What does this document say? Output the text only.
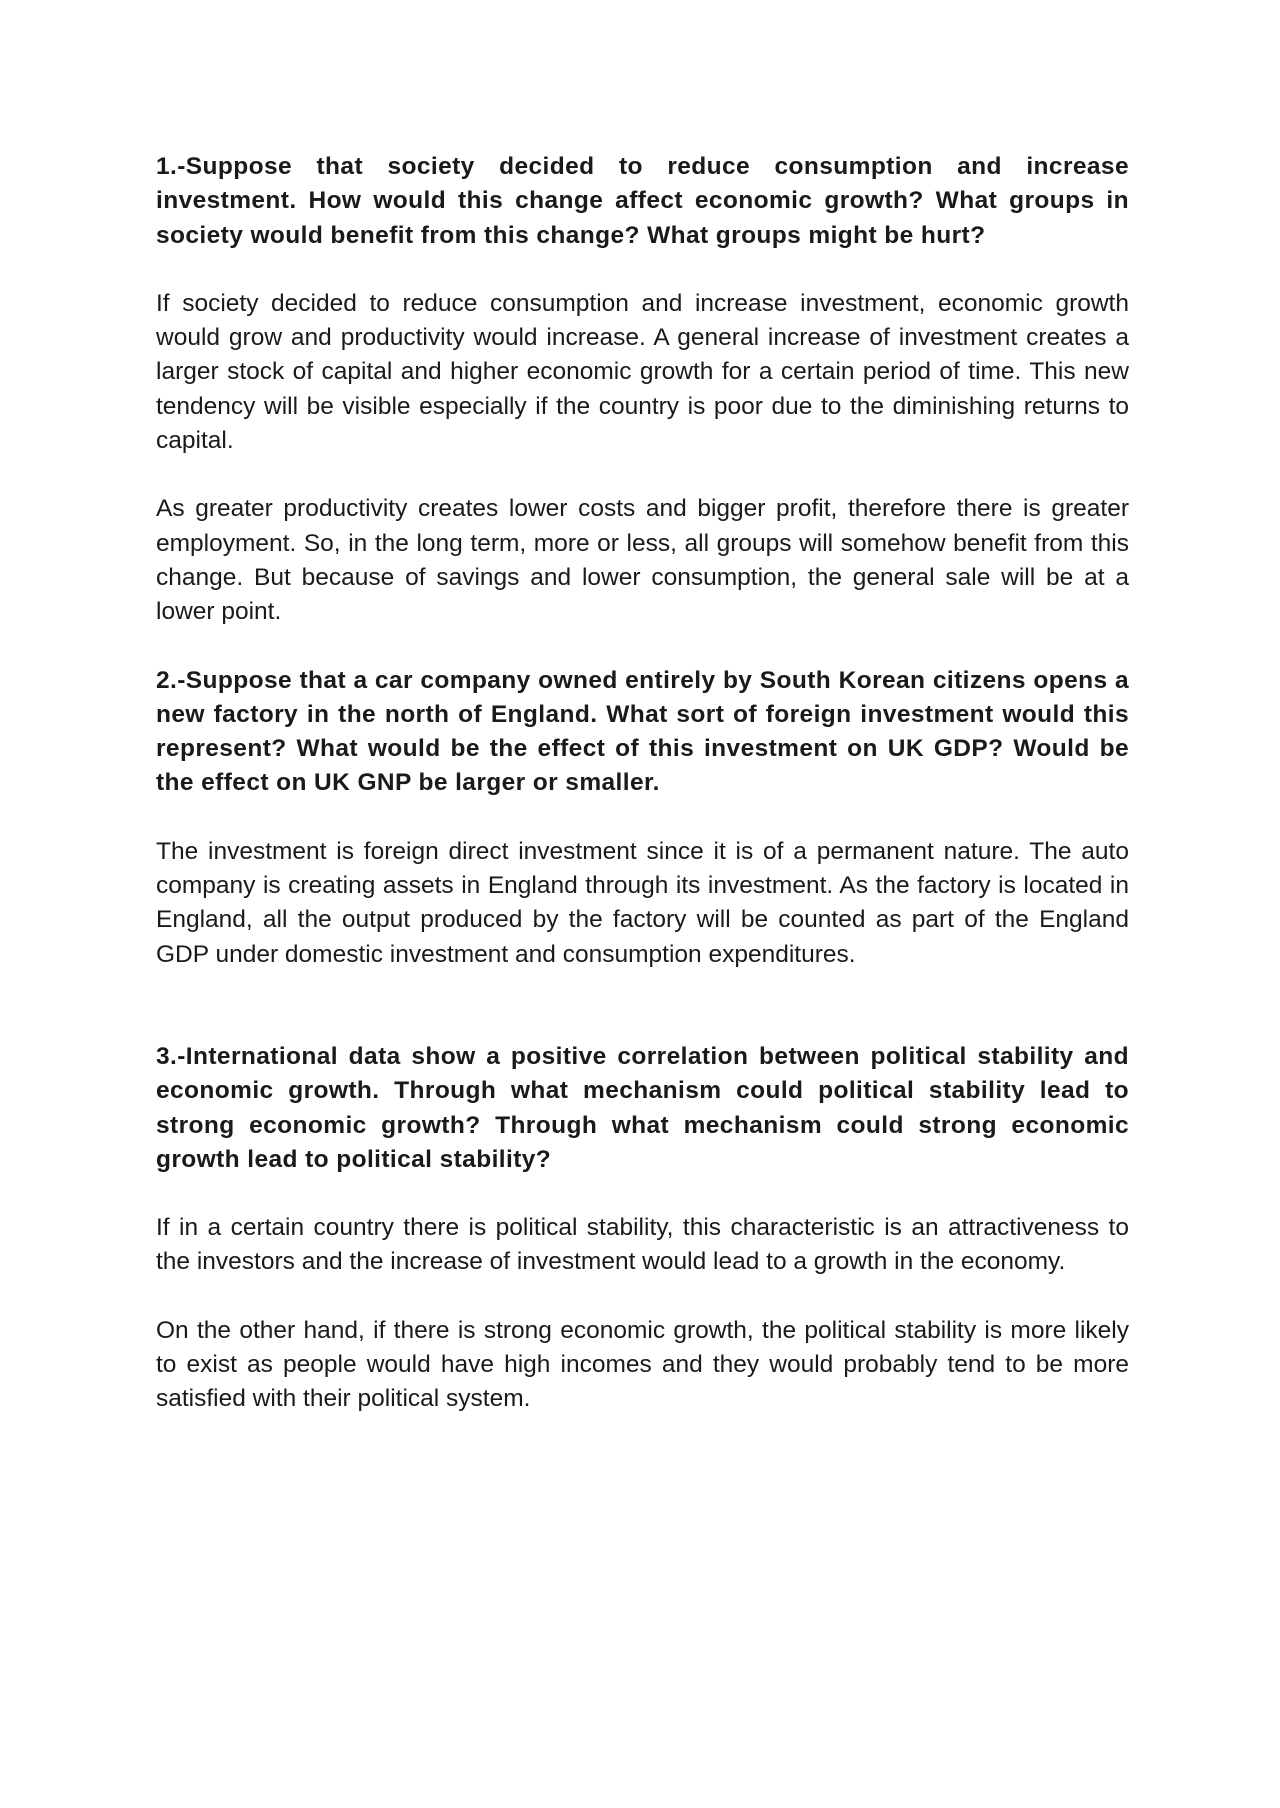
1.-Suppose that society decided to reduce consumption and increase investment. How would this change affect economic growth? What groups in society would benefit from this change? What groups might be hurt?

If society decided to reduce consumption and increase investment, economic growth would grow and productivity would increase. A general increase of investment creates a larger stock of capital and higher economic growth for a certain period of time. This new tendency will be visible especially if the country is poor due to the diminishing returns to capital.

As greater productivity creates lower costs and bigger profit, therefore there is greater employment. So, in the long term, more or less, all groups will somehow benefit from this change. But because of savings and lower consumption, the general sale will be at a lower point.

2.-Suppose that a car company owned entirely by South Korean citizens opens a new factory in the north of England. What sort of foreign investment would this represent? What would be the effect of this investment on UK GDP? Would be the effect on UK GNP be larger or smaller.

The investment is foreign direct investment since it is of a permanent nature. The auto company is creating assets in England through its investment. As the factory is located in England, all the output produced by the factory will be counted as part of the England GDP under domestic investment and consumption expenditures.

3.-International data show a positive correlation between political stability and economic growth. Through what mechanism could political stability lead to strong economic growth? Through what mechanism could strong economic growth lead to political stability?

If in a certain country there is political stability, this characteristic is an attractiveness to the investors and the increase of investment would lead to a growth in the economy.

On the other hand, if there is strong economic growth, the political stability is more likely to exist as people would have high incomes and they would probably tend to be more satisfied with their political system.
